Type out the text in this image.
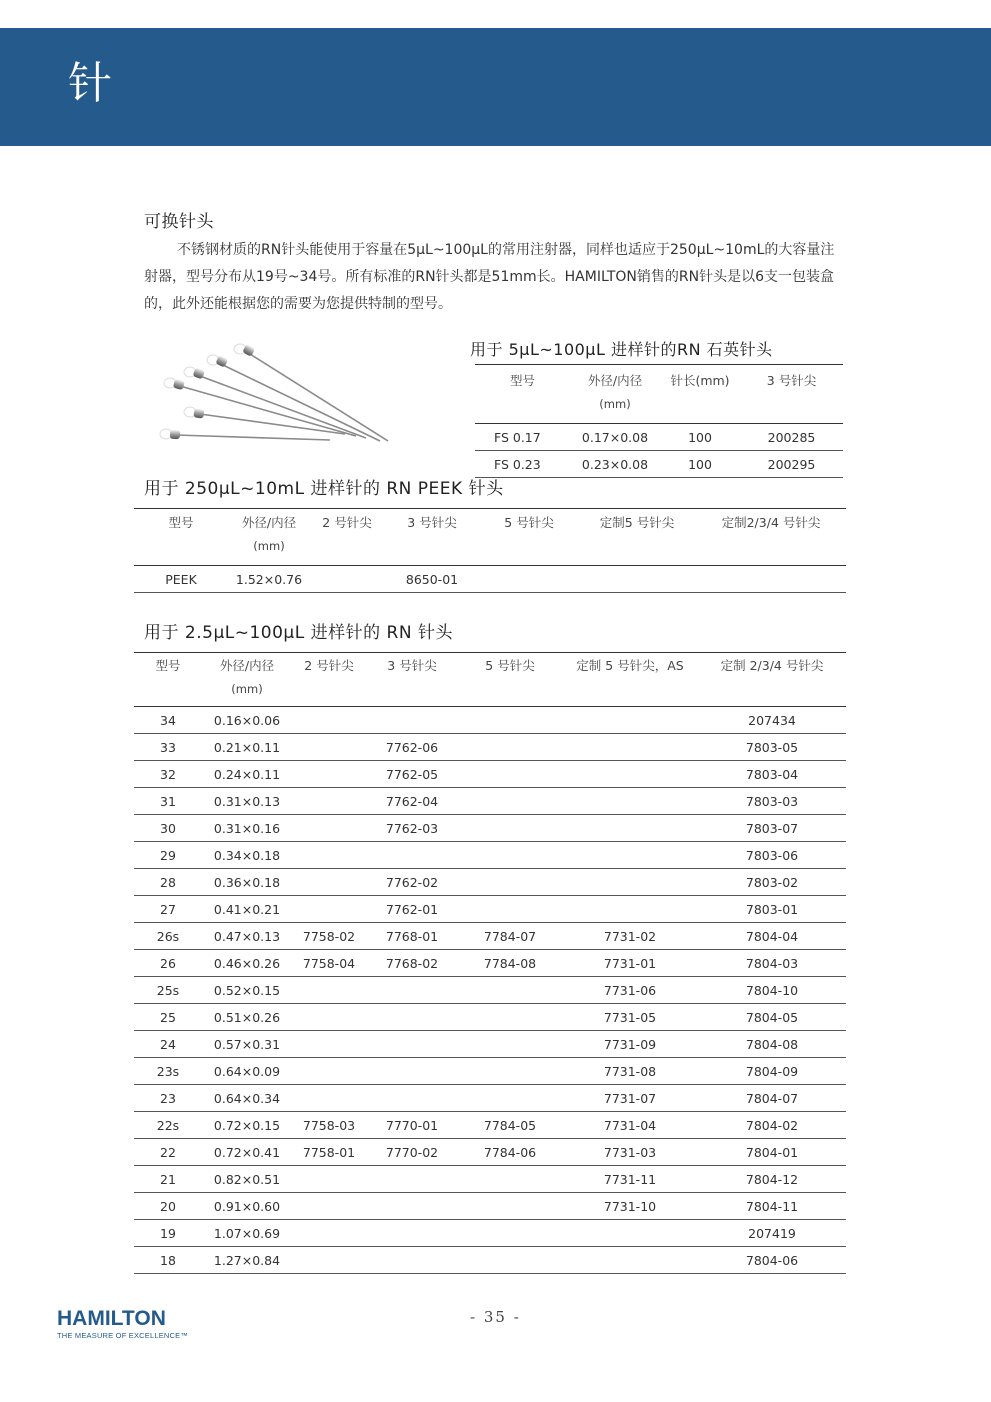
针
可换针头

不锈钢材质的RN针头能使用于容量在5μL~100μL的常用注射器，同样也适应于250μL~10mL的大容量注射器，型号分布从19号~34号。所有标准的RN针头都是51mm长。HAMILTON销售的RN针头是以6支一包装盒的，此外还能根据您的需要为您提供特制的型号。

用于 5μL~100μL 进样针的RN 石英针头
型号	外径/内径
(mm)	针长(mm)	3 号针尖
FS 0.17	0.17×0.08	100	200285
FS 0.23	0.23×0.08	100	200295
用于 250μL~10mL 进样针的 RN PEEK 针头
型号	外径/内径
(mm)	2 号针尖	3 号针尖	5 号针尖	定制5 号针尖	定制2/3/4 号针尖
PEEK	1.52×0.76		8650-01			
用于 2.5μL~100μL 进样针的 RN 针头
型号	外径/内径
(mm)	2 号针尖	3 号针尖	5 号针尖	定制 5 号针尖，AS	定制 2/3/4 号针尖
34	0.16×0.06					207434
33	0.21×0.11		7762-06			7803-05
32	0.24×0.11		7762-05			7803-04
31	0.31×0.13		7762-04			7803-03
30	0.31×0.16		7762-03			7803-07
29	0.34×0.18					7803-06
28	0.36×0.18		7762-02			7803-02
27	0.41×0.21		7762-01			7803-01
26s	0.47×0.13	7758-02	7768-01	7784-07	7731-02	7804-04
26	0.46×0.26	7758-04	7768-02	7784-08	7731-01	7804-03
25s	0.52×0.15				7731-06	7804-10
25	0.51×0.26				7731-05	7804-05
24	0.57×0.31				7731-09	7804-08
23s	0.64×0.09				7731-08	7804-09
23	0.64×0.34				7731-07	7804-07
22s	0.72×0.15	7758-03	7770-01	7784-05	7731-04	7804-02
22	0.72×0.41	7758-01	7770-02	7784-06	7731-03	7804-01
21	0.82×0.51				7731-11	7804-12
20	0.91×0.60				7731-10	7804-11
19	1.07×0.69					207419
18	1.27×0.84					7804-06
HAMILTON
THE MEASURE OF EXCELLENCE™
- 35 -
